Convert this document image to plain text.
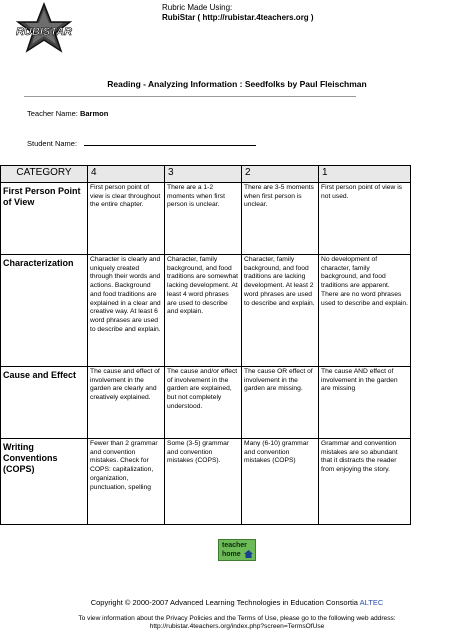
RUBISTAR
Rubric Made Using:
RubiStar ( http://rubistar.4teachers.org )
Reading - Analyzing Information : Seedfolks by Paul Fleischman
Teacher Name: Barmon
Student Name:
CATEGORY	4	3	2	1
First Person Point of View	First person point of view is clear throughout the entire chapter.	There are a 1-2 moments when first person is unclear.	There are 3-5 moments when first person is unclear.	First person point of view is not used.
Characterization	Character is clearly and uniquely created through their words and actions. Background and food traditions are explained in a clear and creative way. At least 6 word phrases are used to describe and explain.	Character, family background, and food traditions are somewhat lacking development. At least 4 word phrases are used to describe and explain.	Character, family background, and food traditions are lacking development. At least 2 word phrases are used to describe and explain.	No development of character, family background, and food traditions are apparent. There are no word phrases used to describe and explain.
Cause and Effect	The cause and effect of involvement in the garden are clearly and creatively explained.	The cause and/or effect of involvement in the garden are explained, but not completely understood.	The cause OR effect of involvement in the garden are missing.	The cause AND effect of involvement in the garden are missing
Writing Conventions (COPS)	Fewer than 2 grammar and convention mistakes. Check for COPS: capitalization, organization, punctuation, spelling	Some (3-5) grammar and convention mistakes (COPS).	Many (6-10) grammar and convention mistakes (COPS)	Grammar and convention mistakes are so abundant that it distracts the reader from enjoying the story.
teacher
home
Copyright © 2000-2007 Advanced Learning Technologies in Education Consortia ALTEC
To view information about the Privacy Policies and the Terms of Use, please go to the following web address:
http://rubistar.4teachers.org/index.php?screen=TermsOfUse
